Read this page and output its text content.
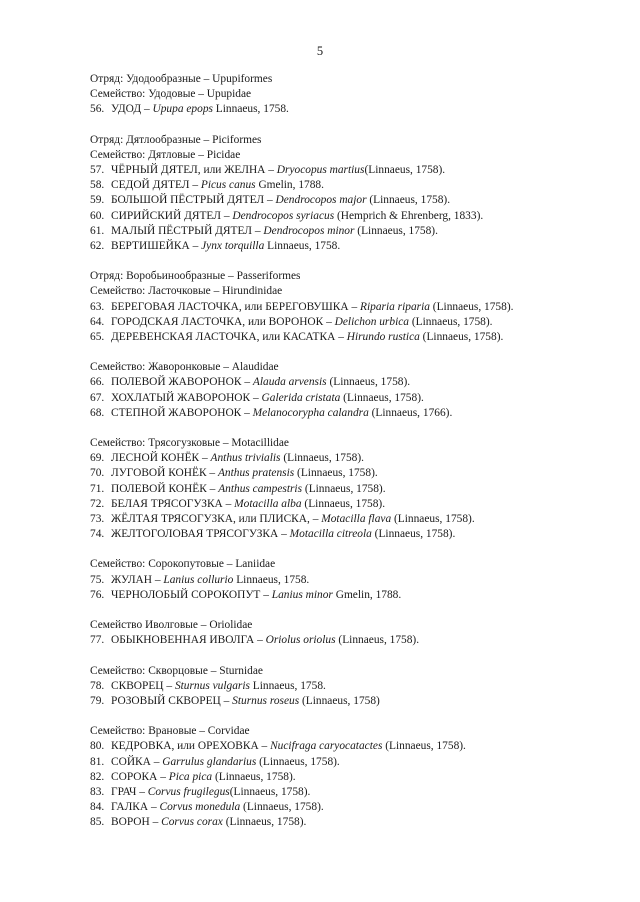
5
Отряд: Удодообразные – Upupiformes
Семейство: Удодовые – Upupidae
56. УДОД – Upupa epops Linnaeus, 1758.
Отряд: Дятлообразные – Piciformes
Семейство: Дятловые – Picidae
57. ЧЁРНЫЙ ДЯТЕЛ, или ЖЕЛНА – Dryocopus martius(Linnaeus, 1758).
58. СЕДОЙ ДЯТЕЛ – Picus canus Gmelin, 1788.
59. БОЛЬШОЙ ПЁСТРЫЙ ДЯТЕЛ – Dendrocopos major (Linnaeus, 1758).
60. СИРИЙСКИЙ ДЯТЕЛ – Dendrocopos syriacus (Hemprich & Ehrenberg, 1833).
61. МАЛЫЙ ПЁСТРЫЙ ДЯТЕЛ – Dendrocopos minor (Linnaeus, 1758).
62. ВЕРТИШЕЙКА – Jynx torquilla Linnaeus, 1758.
Отряд: Воробьинообразные – Passeriformes
Семейство: Ласточковые – Hirundinidae
63. БЕРЕГОВАЯ ЛАСТОЧКА, или БЕРЕГОВУШКА – Riparia riparia (Linnaeus, 1758).
64. ГОРОДСКАЯ ЛАСТОЧКА, или ВОРОНОК – Delichon urbica (Linnaeus, 1758).
65. ДЕРЕВЕНСКАЯ ЛАСТОЧКА, или КАСАТКА – Hirundo rustica (Linnaeus, 1758).
Семейство: Жаворонковые – Alaudidae
66. ПОЛЕВОЙ ЖАВОРОНОК – Alauda arvensis (Linnaeus, 1758).
67. ХОХЛАТЫЙ ЖАВОРОНОК – Galerida cristata (Linnaeus, 1758).
68. СТЕПНОЙ ЖАВОРОНОК – Melanocorypha calandra (Linnaeus, 1766).
Семейство: Трясогузковые – Motacillidae
69. ЛЕСНОЙ КОНЁК – Anthus trivialis (Linnaeus, 1758).
70. ЛУГОВОЙ КОНЁК – Anthus pratensis (Linnaeus, 1758).
71. ПОЛЕВОЙ КОНЁК – Anthus campestris (Linnaeus, 1758).
72. БЕЛАЯ ТРЯСОГУЗКА – Motacilla alba (Linnaeus, 1758).
73. ЖЁЛТАЯ ТРЯСОГУЗКА, или ПЛИСКА, – Motacilla flava (Linnaeus, 1758).
74. ЖЕЛТОГОЛОВАЯ ТРЯСОГУЗКА – Motacilla citreola (Linnaeus, 1758).
Семейство: Сорокопутовые – Laniidae
75. ЖУЛАН – Lanius collurio Linnaeus, 1758.
76. ЧЕРНОЛОБЫЙ СОРОКОПУТ – Lanius minor Gmelin, 1788.
Семейство Иволговые – Oriolidae
77. ОБЫКНОВЕННАЯ ИВОЛГА – Oriolus oriolus (Linnaeus, 1758).
Семейство: Скворцовые – Sturnidae
78. СКВОРЕЦ – Sturnus vulgaris Linnaeus, 1758.
79. РОЗОВЫЙ СКВОРЕЦ – Sturnus roseus (Linnaeus, 1758)
Семейство: Врановые – Corvidae
80. КЕДРОВКА, или ОРЕХОВКА – Nucifraga caryocatactes (Linnaeus, 1758).
81. СОЙКА – Garrulus glandarius (Linnaeus, 1758).
82. СОРОКА – Pica pica (Linnaeus, 1758).
83. ГРАЧ – Corvus frugilegus(Linnaeus, 1758).
84. ГАЛКА – Corvus monedula (Linnaeus, 1758).
85. ВОРОН – Corvus corax (Linnaeus, 1758).
